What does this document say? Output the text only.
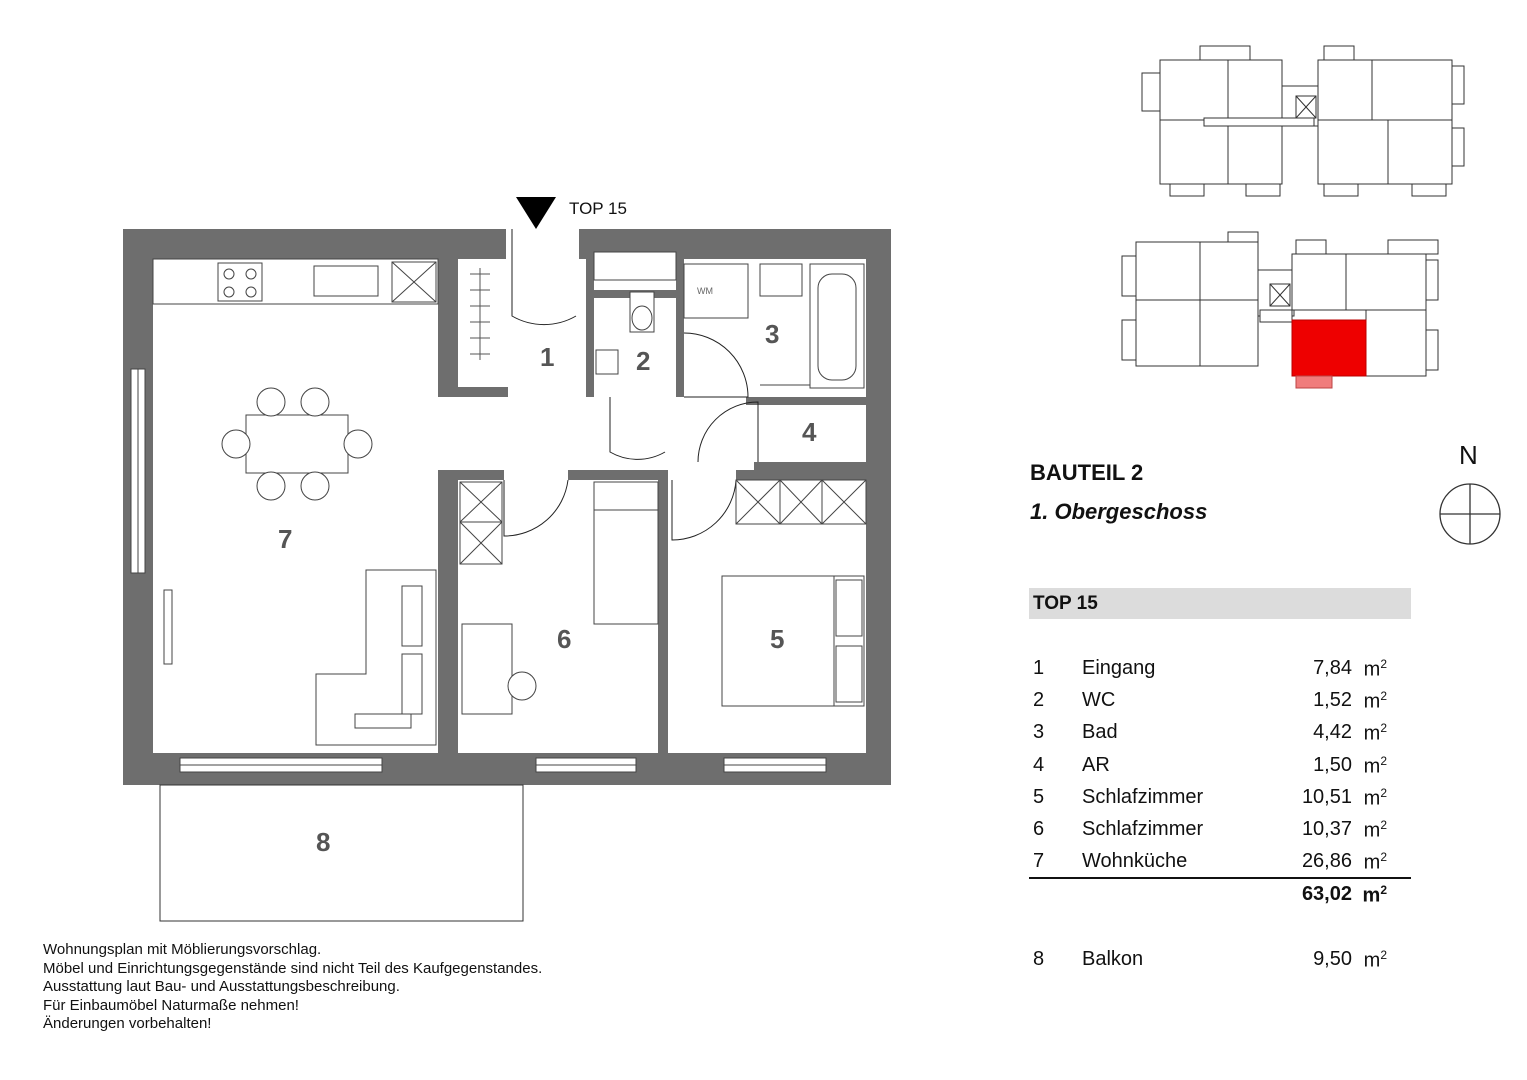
1	2
3
4
5
6
7
8
WM
TOP 15
N
BAUTEIL 2
1. Obergeschoss
TOP 15
1 Eingang	7,84 $m^2$
2 WC	1,52 $m^2$
3 Bad	4,42 $m^2$
4 AR	1,50 $m^2$
5 Schlafzimmer	10,51 $m^2$
6 Schlafzimmer	10,37 $m^2$
7 Wohnküche	26,86 $m^2$
63,02 $m^2$
8 Balkon	9,50 $m^2$
Wohnungsplan mit Möblierungsvorschlag.
Möbel und Einrichtungsgegenstände sind nicht Teil des Kaufgegenstandes.
Ausstattung laut Bau- und Ausstattungsbeschreibung.
Für Einbaumöbel Naturmaße nehmen!
Änderungen vorbehalten!
